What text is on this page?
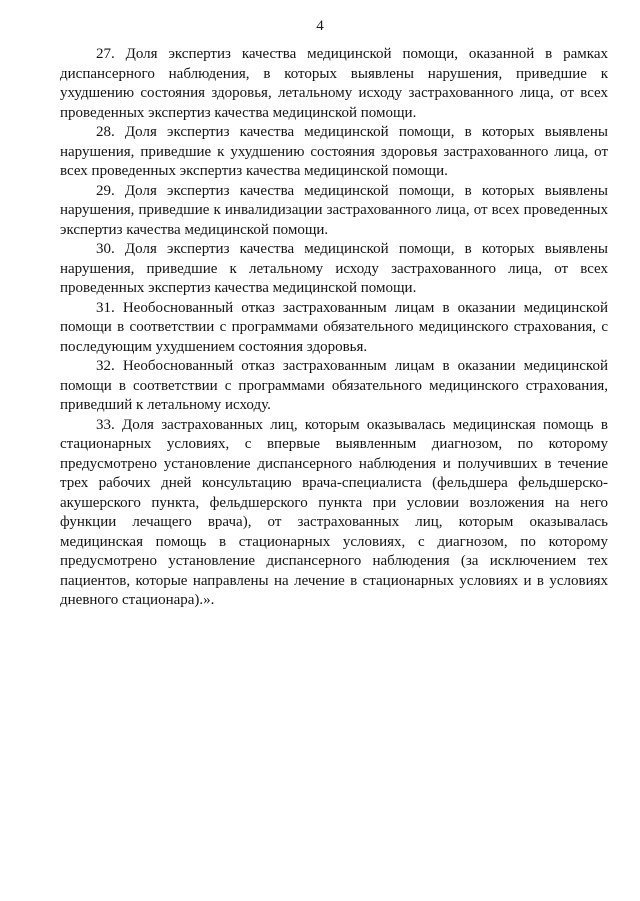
4

27. Доля экспертиз качества медицинской помощи, оказанной в рамках диспансерного наблюдения, в которых выявлены нарушения, приведшие к ухудшению состояния здоровья, летальному исходу застрахованного лица, от всех проведенных экспертиз качества медицинской помощи.

28. Доля экспертиз качества медицинской помощи, в которых выявлены нарушения, приведшие к ухудшению состояния здоровья застрахованного лица, от всех проведенных экспертиз качества медицинской помощи.

29. Доля экспертиз качества медицинской помощи, в которых выявлены нарушения, приведшие к инвалидизации застрахованного лица, от всех проведенных экспертиз качества медицинской помощи.

30. Доля экспертиз качества медицинской помощи, в которых выявлены нарушения, приведшие к летальному исходу застрахованного лица, от всех проведенных экспертиз качества медицинской помощи.

31. Необоснованный отказ застрахованным лицам в оказании медицинской помощи в соответствии с программами обязательного медицинского страхования, с последующим ухудшением состояния здоровья.

32. Необоснованный отказ застрахованным лицам в оказании медицинской помощи в соответствии с программами обязательного медицинского страхования, приведший к летальному исходу.

33. Доля застрахованных лиц, которым оказывалась медицинская помощь в стационарных условиях, с впервые выявленным диагнозом, по которому предусмотрено установление диспансерного наблюдения и получивших в течение трех рабочих дней консультацию врача-специалиста (фельдшера фельдшерско-акушерского пункта, фельдшерского пункта при условии возложения на него функции лечащего врача), от застрахованных лиц, которым оказывалась медицинская помощь в стационарных условиях, с диагнозом, по которому предусмотрено установление диспансерного наблюдения (за исключением тех пациентов, которые направлены на лечение в стационарных условиях и в условиях дневного стационара).».
